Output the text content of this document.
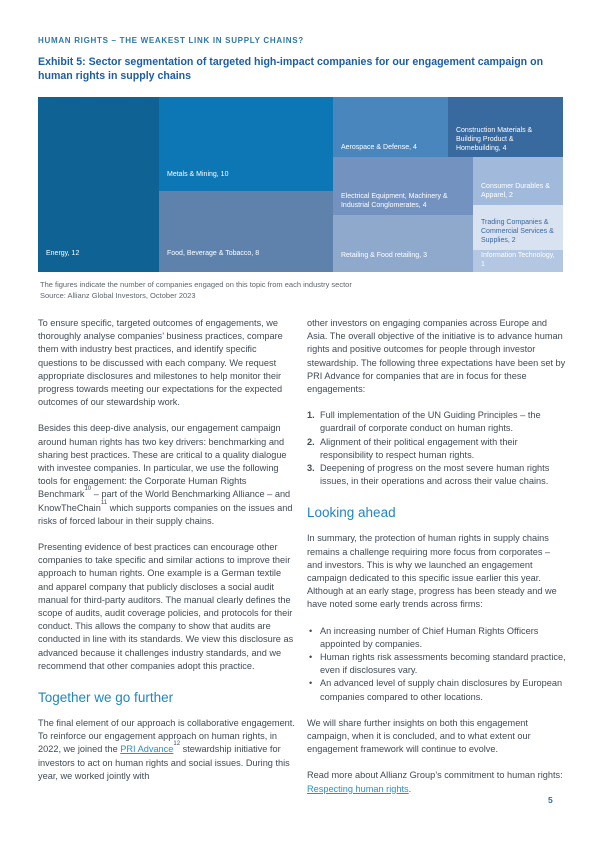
HUMAN RIGHTS – THE WEAKEST LINK IN SUPPLY CHAINS?
Exhibit 5: Sector segmentation of targeted high-impact companies for our engagement campaign on human rights in supply chains
Energy, 12
Metals & Mining, 10
Food, Beverage & Tobacco, 8
Aerospace & Defense, 4
Construction Materials & Building Product & Homebuilding, 4
Electrical Equipment, Machinery & Industrial Conglomerates, 4
Retailing & Food retailing, 3
Consumer Durables & Apparel, 2
Trading Companies & Commercial Services & Supplies, 2
Information Technology, 1
The figures indicate the number of companies engaged on this topic from each industry sector
Source: Allianz Global Investors, October 2023

To ensure specific, targeted outcomes of engagements, we thoroughly analyse companies’ business practices, compare them with industry best practices, and identify specific questions to be discussed with each company. We request appropriate disclosures and milestones to help monitor their progress towards meeting our expectations for the expected outcomes of our stewardship work.

Besides this deep-dive analysis, our engagement campaign around human rights has two key drivers: benchmarking and sharing best practices. These are critical to a quality dialogue with investee companies. In particular, we use the following tools for engagement: the Corporate Human Rights Benchmark$^{10}$ – part of the World Benchmarking Alliance – and KnowTheChain$^{11}$ which supports companies on the issues and risks of forced labour in their supply chains.

Presenting evidence of best practices can encourage other companies to take specific and similar actions to improve their approach to human rights. One example is a German textile and apparel company that publicly discloses a social audit manual for third-party auditors. The manual clearly defines the scope of audits, audit coverage policies, and protocols for their conduct. This allows the company to show that audits are conducted in line with its standards. We view this disclosure as advanced because it challenges industry standards, and we recommend that other companies adopt this practice.

Together we go further

The final element of our approach is collaborative engagement. To reinforce our engagement approach on human rights, in 2022, we joined the PRI Advance$^{12}$ stewardship initiative for investors to act on human rights and social issues. During this year, we worked jointly with

other investors on engaging companies across Europe and Asia. The overall objective of the initiative is to advance human rights and positive outcomes for people through investor stewardship. The following three expectations have been set by PRI Advance for companies that are in focus for these engagements:

1. Full implementation of the UN Guiding Principles – the guardrail of corporate conduct on human rights.
2. Alignment of their political engagement with their responsibility to respect human rights.
3. Deepening of progress on the most severe human rights issues, in their operations and across their value chains.
Looking ahead

In summary, the protection of human rights in supply chains remains a challenge requiring more focus from corporates – and investors. This is why we launched an engagement campaign dedicated to this specific issue earlier this year. Although at an early stage, progress has been steady and we have noted some early trends across firms:

• An increasing number of Chief Human Rights Officers appointed by companies.
• Human rights risk assessments becoming standard practice, even if disclosures vary.
• An advanced level of supply chain disclosures by European companies compared to other locations.

We will share further insights on both this engagement campaign, when it is concluded, and to what extent our engagement framework will continue to evolve.

Read more about Allianz Group’s commitment to human rights: Respecting human rights.

5
